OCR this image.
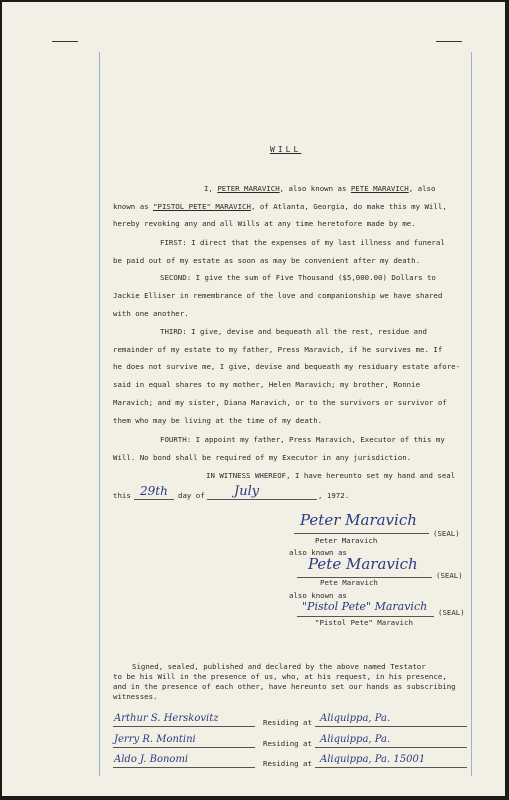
WILL
I, PETER MARAVICH, also known as PETE MARAVICH, also
known as "PISTOL PETE" MARAVICH, of Atlanta, Georgia, do make this my Will,
hereby revoking any and all Wills at any time heretofore made by me.
FIRST: I direct that the expenses of my last illness and funeral
be paid out of my estate as soon as may be convenient after my death.
SECOND: I give the sum of Five Thousand ($5,000.00) Dollars to
Jackie Elliser in remembrance of the love and companionship we have shared
with one another.
THIRD: I give, devise and bequeath all the rest, residue and
remainder of my estate to my father, Press Maravich, if he survives me. If
he does not survive me, I give, devise and bequeath my residuary estate afore-
said in equal shares to my mother, Helen Maravich; my brother, Ronnie
Maravich; and my sister, Diana Maravich, or to the survivors or survivor of
them who may be living at the time of my death.
FOURTH: I appoint my father, Press Maravich, Executor of this my
Will. No bond shall be required of my Executor in any jurisdiction.
IN WITNESS WHEREOF, I have hereunto set my hand and seal
this 29th day of July	, 1972.
Peter Maravich
(SEAL)
Peter Maravich
also known as
Pete Maravich
(SEAL)
Pete Maravich
also known as
"Pistol Pete" Maravich (SEAL)
"Pistol Pete" Maravich
Signed, sealed, published and declared by the above named Testator
to be his Will in the presence of us, who, at his request, in his presence,
and in the presence of each other, have hereunto set our hands as subscribing
witnesses.
Arthur S. Herskovitz	Residing at Aliquippa, Pa.
Jerry R. Montini	Residing at Aliquippa, Pa.
Aldo J. Bonomi	Residing at Aliquippa, Pa. 15001
